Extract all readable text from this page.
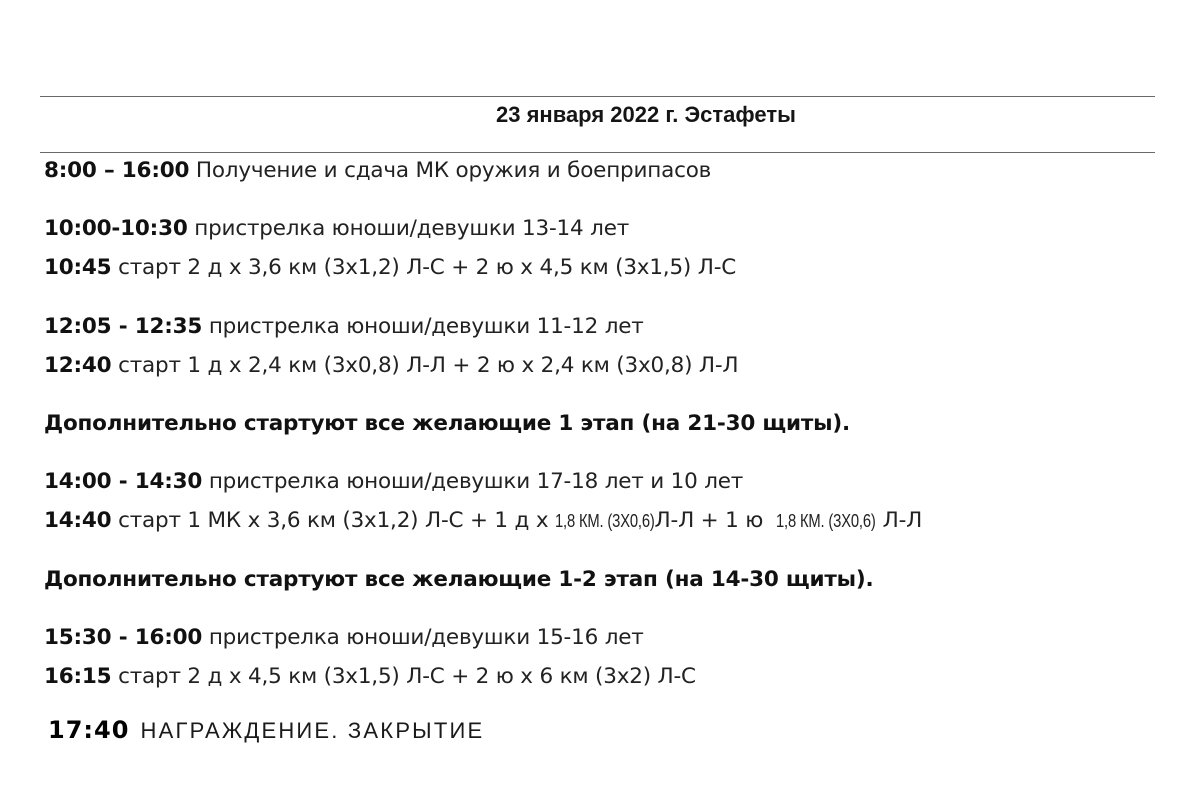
23 января 2022 г. Эстафеты
8:00 – 16:00 Получение и сдача МК оружия и боеприпасов
10:00-10:30 пристрелка юноши/девушки 13-14 лет
10:45 старт 2 д х 3,6 км (3х1,2) Л-С + 2 ю х 4,5 км (3х1,5) Л-С
12:05 - 12:35 пристрелка юноши/девушки 11-12 лет
12:40 старт 1 д х 2,4 км (3х0,8) Л-Л + 2 ю х 2,4 км (3х0,8) Л-Л
Дополнительно стартуют все желающие 1 этап (на 21-30 щиты).
14:00 - 14:30 пристрелка юноши/девушки 17-18 лет и 10 лет
14:40 старт 1 МК х 3,6 км (3х1,2) Л-С + 1 д х 1,8 КМ. (3Х0,6)Л-Л + 1 ю 1,8 КМ. (3Х0,6) Л-Л
Дополнительно стартуют все желающие 1-2 этап (на 14-30 щиты).
15:30 - 16:00 пристрелка юноши/девушки 15-16 лет
16:15 старт 2 д х 4,5 км (3х1,5) Л-С + 2 ю х 6 км (3х2) Л-С
17:40 НАГРАЖДЕНИЕ. ЗАКРЫТИЕ
